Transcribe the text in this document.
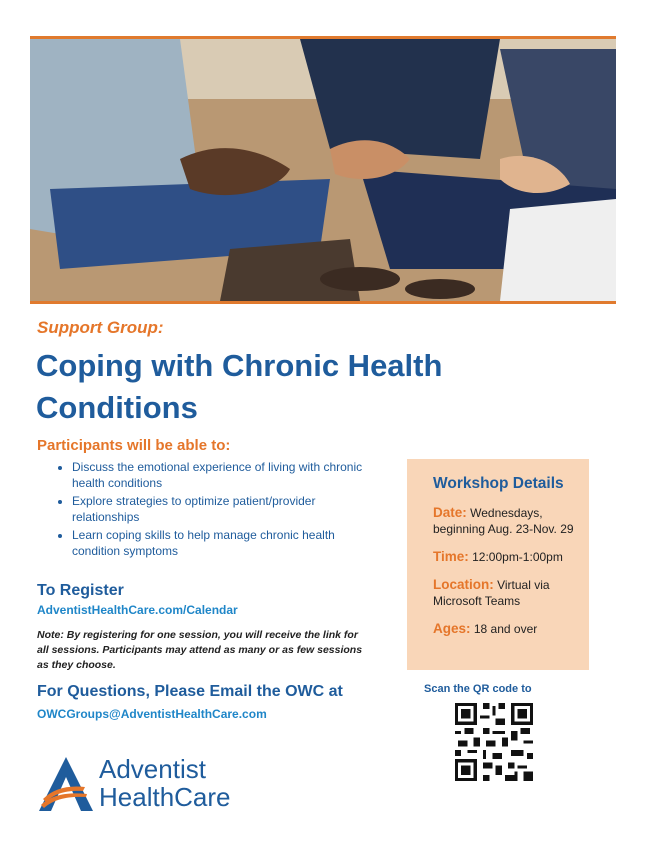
Support Group:
Coping with Chronic Health Conditions
Participants will be able to:
• Discuss the emotional experience of living with chronic health conditions
• Explore strategies to optimize patient/provider relationships
• Learn coping skills to help manage chronic health condition symptoms
To Register
AdventistHealthCare.com/Calendar
Note: By registering for one session, you will receive the link for all sessions. Participants may attend as many or as few sessions as they choose.
For Questions, Please Email the OWC at
OWCGroups@AdventistHealthCare.com
Workshop Details
Date: Wednesdays, beginning Aug. 23-Nov. 29
Time: 12:00pm-1:00pm
Location: Virtual via Microsoft Teams
Ages: 18 and over
Scan the QR code to
Adventist
HealthCare
